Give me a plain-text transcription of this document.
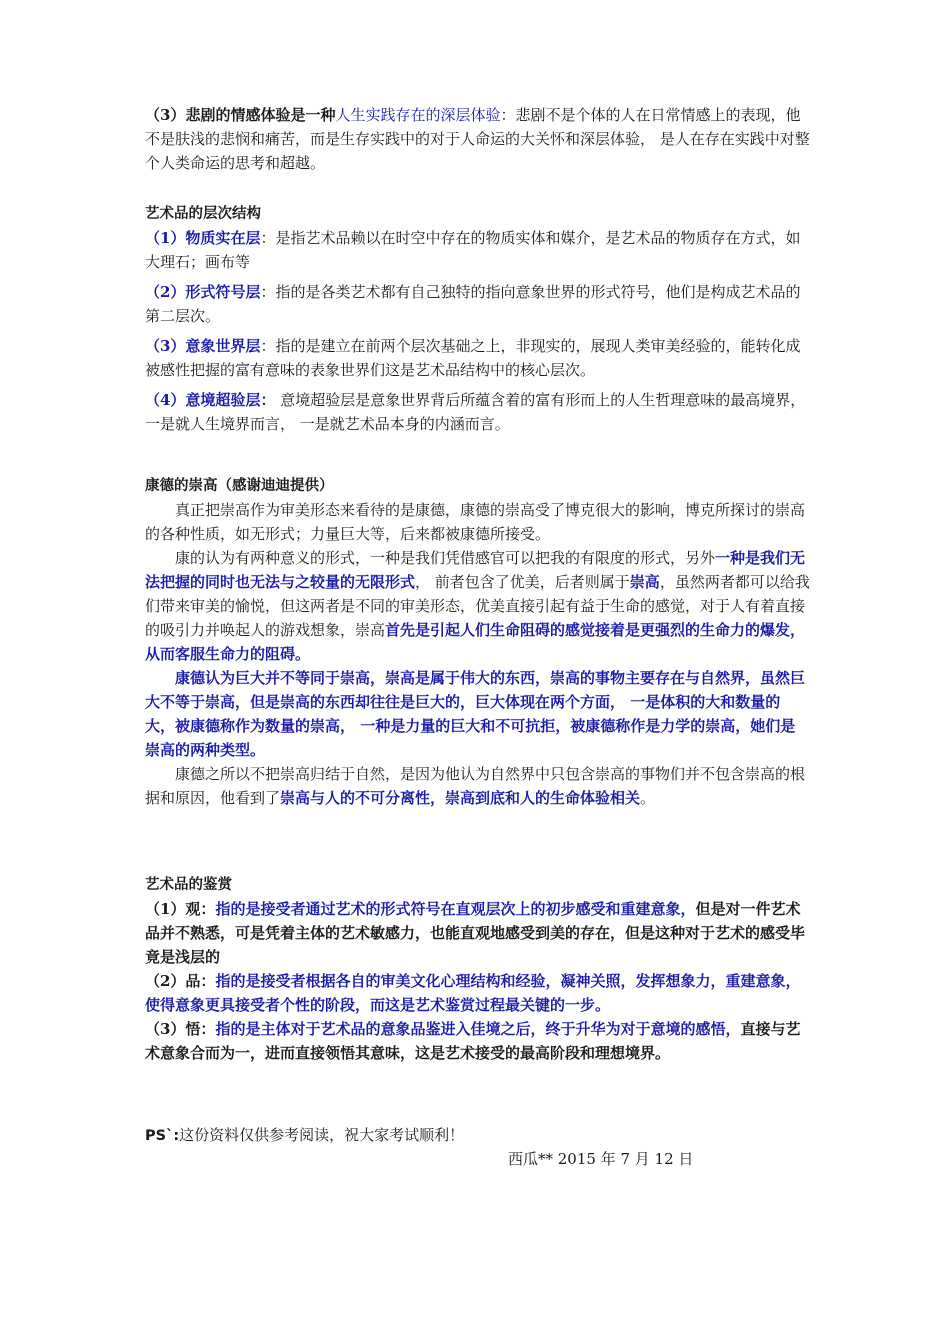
（3）悲剧的情感体验是一种人生实践存在的深层体验：悲剧不是个体的人在日常情感上的表现，他不是肤浅的悲悯和痛苦，而是生存实践中的对于人命运的大关怀和深层体验， 是人在存在实践中对整个人类命运的思考和超越。
艺术品的层次结构
（1）物质实在层：是指艺术品赖以在时空中存在的物质实体和媒介，是艺术品的物质存在方式，如大理石；画布等
（2）形式符号层：指的是各类艺术都有自己独特的指向意象世界的形式符号，他们是构成艺术品的第二层次。
（3）意象世界层：指的是建立在前两个层次基础之上，非现实的，展现人类审美经验的，能转化成被感性把握的富有意味的表象世界们这是艺术品结构中的核心层次。
（4）意境超验层： 意境超验层是意象世界背后所蕴含着的富有形而上的人生哲理意味的最高境界，一是就人生境界而言， 一是就艺术品本身的内涵而言。
康德的崇高（感谢迪迪提供）
真正把崇高作为审美形态来看待的是康德，康德的崇高受了博克很大的影响，博克所探讨的崇高的各种性质，如无形式；力量巨大等，后来都被康德所接受。
康的认为有两种意义的形式，一种是我们凭借感官可以把我的有限度的形式，另外一种是我们无法把握的同时也无法与之较量的无限形式， 前者包含了优美，后者则属于崇高，虽然两者都可以给我们带来审美的愉悦，但这两者是不同的审美形态，优美直接引起有益于生命的感觉，对于人有着直接的吸引力并唤起人的游戏想象，崇高首先是引起人们生命阻碍的感觉接着是更强烈的生命力的爆发，从而客服生命力的阻碍。
康德认为巨大并不等同于崇高，崇高是属于伟大的东西，崇高的事物主要存在与自然界，虽然巨大不等于崇高，但是崇高的东西却往往是巨大的，巨大体现在两个方面， 一是体积的大和数量的大，被康德称作为数量的崇高， 一种是力量的巨大和不可抗拒，被康德称作是力学的崇高，她们是崇高的两种类型。
康德之所以不把崇高归结于自然，是因为他认为自然界中只包含崇高的事物们并不包含崇高的根据和原因，他看到了崇高与人的不可分离性，崇高到底和人的生命体验相关。
艺术品的鉴赏
（1）观：指的是接受者通过艺术的形式符号在直观层次上的初步感受和重建意象，但是对一件艺术品并不熟悉，可是凭着主体的艺术敏感力，也能直观地感受到美的存在，但是这种对于艺术的感受毕竟是浅层的
（2）品：指的是接受者根据各自的审美文化心理结构和经验，凝神关照，发挥想象力，重建意象，使得意象更具接受者个性的阶段，而这是艺术鉴赏过程最关键的一步。
（3）悟：指的是主体对于艺术品的意象品鉴进入佳境之后，终于升华为对于意境的感悟，直接与艺术意象合而为一，进而直接领悟其意味，这是艺术接受的最高阶段和理想境界。
PS`:这份资料仅供参考阅读，祝大家考试顺利！
西瓜** 2015 年 7 月 12 日
